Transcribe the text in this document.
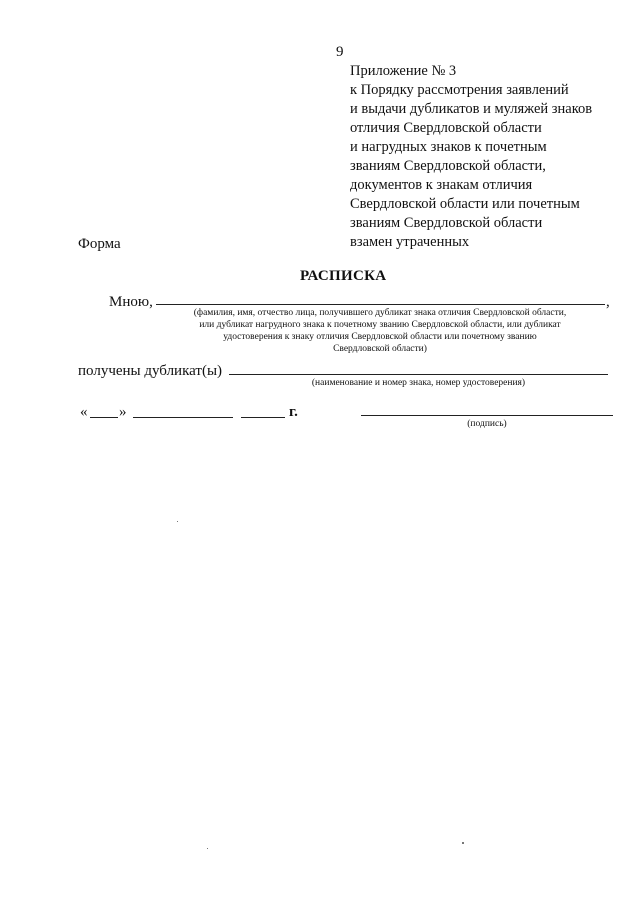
9
Приложение № 3
к Порядку рассмотрения заявлений
и выдачи дубликатов и муляжей знаков
отличия Свердловской области
и нагрудных знаков к почетным
званиям Свердловской области,
документов к знакам отличия
Свердловской области или почетным
званиям Свердловской области
взамен утраченных
Форма
РАСПИСКА
Мною,	,
(фамилия, имя, отчество лица, получившего дубликат знака отличия Свердловской области,
или дубликат нагрудного знака к почетному званию Свердловской области, или дубликат
удостоверения к знаку отличия Свердловской области или почетному званию
Свердловской области)
получены дубликат(ы)
(наименование и номер знака, номер удостоверения)
« »	г.
(подпись)
